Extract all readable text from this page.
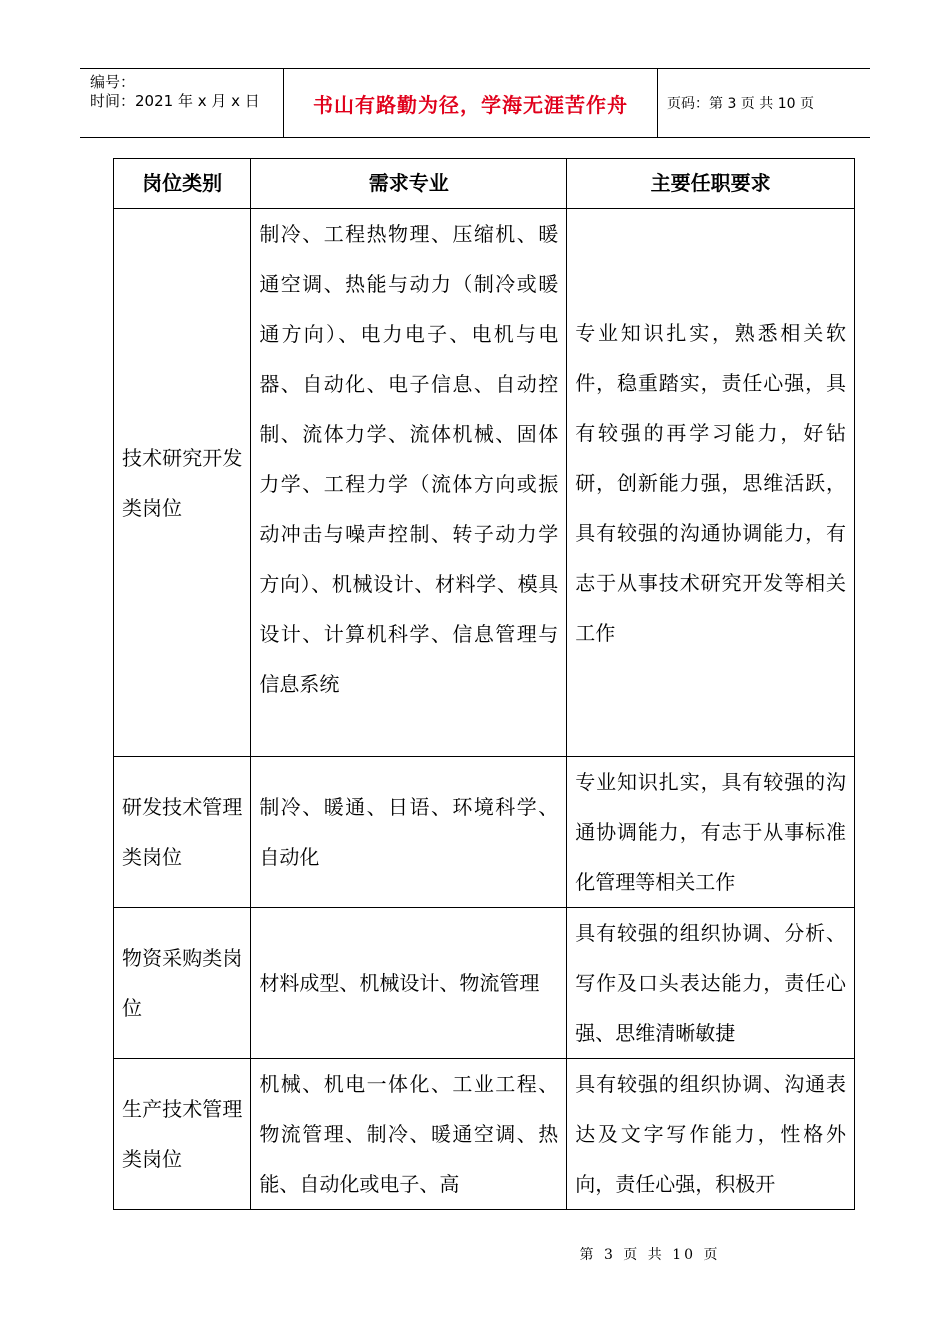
编号：
时间：2021 年 x 月 x 日	书山有路勤为径，学海无涯苦作舟	页码：第 3 页 共 10 页
岗位类别	需求专业	主要任职要求
技术研究开发类岗位	制冷、工程热物理、压缩机、暖通空调、热能与动力（制冷或暖通方向）、电力电子、电机与电器、自动化、电子信息、自动控制、流体力学、流体机械、固体力学、工程力学（流体方向或振动冲击与噪声控制、转子动力学方向）、机械设计、材料学、模具设计、计算机科学、信息管理与信息系统	专业知识扎实，熟悉相关软件，稳重踏实，责任心强，具有较强的再学习能力，好钻研，创新能力强，思维活跃，具有较强的沟通协调能力，有志于从事技术研究开发等相关工作
研发技术管理类岗位	制冷、暖通、日语、环境科学、自动化	专业知识扎实，具有较强的沟通协调能力，有志于从事标准化管理等相关工作
物资采购类岗位	材料成型、机械设计、物流管理	具有较强的组织协调、分析、写作及口头表达能力，责任心强、思维清晰敏捷
生产技术管理类岗位	机械、机电一体化、工业工程、物流管理、制冷、暖通空调、热能、自动化或电子、高	具有较强的组织协调、沟通表达及文字写作能力，性格外向，责任心强，积极开
第 3 页 共 10 页
